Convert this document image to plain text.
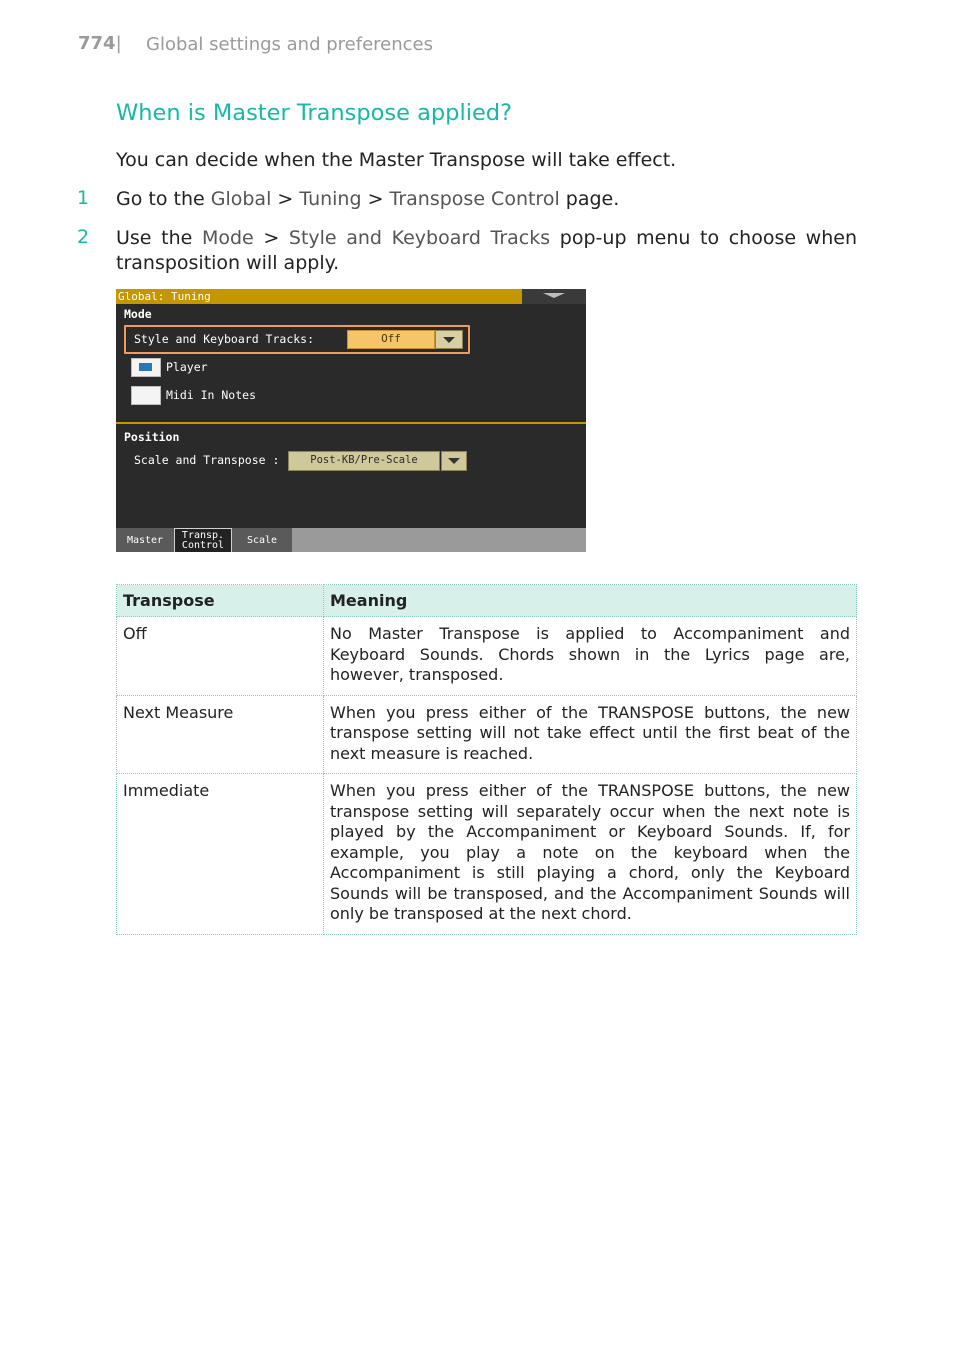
774| Global settings and preferences
When is Master Transpose applied?
You can decide when the Master Transpose will take effect.
1 Go to the Global > Tuning > Transpose Control page.
2 Use the Mode > Style and Keyboard Tracks pop-up menu to choose when
transposition will apply.
Global: Tuning
Mode
Style and Keyboard Tracks:	Off
Player
Midi In Notes
Position
Scale and Transpose :	Post-KB/Pre-Scale
Master	Transp.
Control	Scale
Transpose	Meaning
Off	No Master Transpose is applied to Accompaniment and Keyboard Sounds. Chords shown in the Lyrics page are, however, transposed.
Next Measure	When you press either of the TRANSPOSE buttons, the new transpose setting will not take effect until the first beat of the next measure is reached.
Immediate	When you press either of the TRANSPOSE buttons, the new transpose setting will separately occur when the next note is played by the Accompaniment or Keyboard Sounds. If, for example, you play a note on the keyboard when the Accompaniment is still playing a chord, only the Keyboard Sounds will be transposed, and the Accompaniment Sounds will only be transposed at the next chord.
